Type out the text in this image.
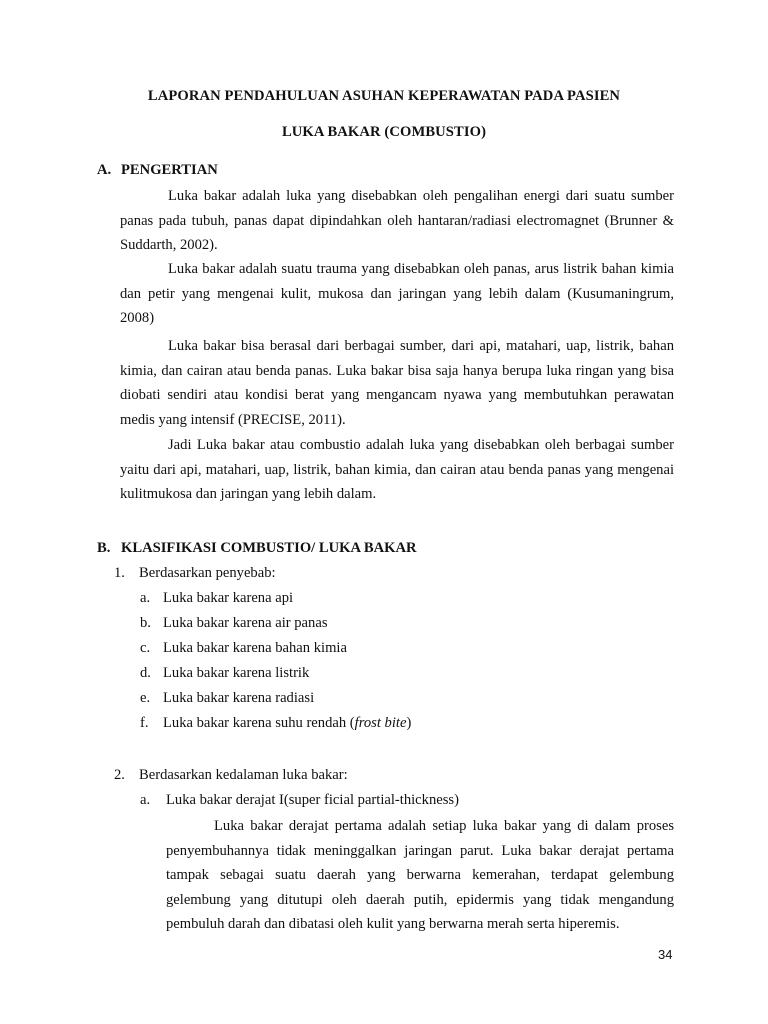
LAPORAN PENDAHULUAN ASUHAN KEPERAWATAN PADA PASIEN
LUKA BAKAR (COMBUSTIO)
A. PENGERTIAN

Luka bakar adalah luka yang disebabkan oleh pengalihan energi dari suatu sumber panas pada tubuh, panas dapat dipindahkan oleh hantaran/radiasi electromagnet (Brunner & Suddarth, 2002).

Luka bakar adalah suatu trauma yang disebabkan oleh panas, arus listrik bahan kimia dan petir yang mengenai kulit, mukosa dan jaringan yang lebih dalam (Kusumaningrum, 2008)

Luka bakar bisa berasal dari berbagai sumber, dari api, matahari, uap, listrik, bahan kimia, dan cairan atau benda panas. Luka bakar bisa saja hanya berupa luka ringan yang bisa diobati sendiri atau kondisi berat yang mengancam nyawa yang membutuhkan perawatan medis yang intensif (PRECISE, 2011).

Jadi Luka bakar atau combustio adalah luka yang disebabkan oleh berbagai sumber yaitu dari api, matahari, uap, listrik, bahan kimia, dan cairan atau benda panas yang mengenai kulitmukosa dan jaringan yang lebih dalam.

B. KLASIFIKASI COMBUSTIO/ LUKA BAKAR
1. Berdasarkan penyebab:
a. Luka bakar karena api
b. Luka bakar karena air panas
c. Luka bakar karena bahan kimia
d. Luka bakar karena listrik
e. Luka bakar karena radiasi
f. Luka bakar karena suhu rendah (frost bite)
2. Berdasarkan kedalaman luka bakar:
a. Luka bakar derajat I(super ficial partial-thickness)

Luka bakar derajat pertama adalah setiap luka bakar yang di dalam proses penyembuhannya tidak meninggalkan jaringan parut. Luka bakar derajat pertama tampak sebagai suatu daerah yang berwarna kemerahan, terdapat gelembung gelembung yang ditutupi oleh daerah putih, epidermis yang tidak mengandung pembuluh darah dan dibatasi oleh kulit yang berwarna merah serta hiperemis.

34
